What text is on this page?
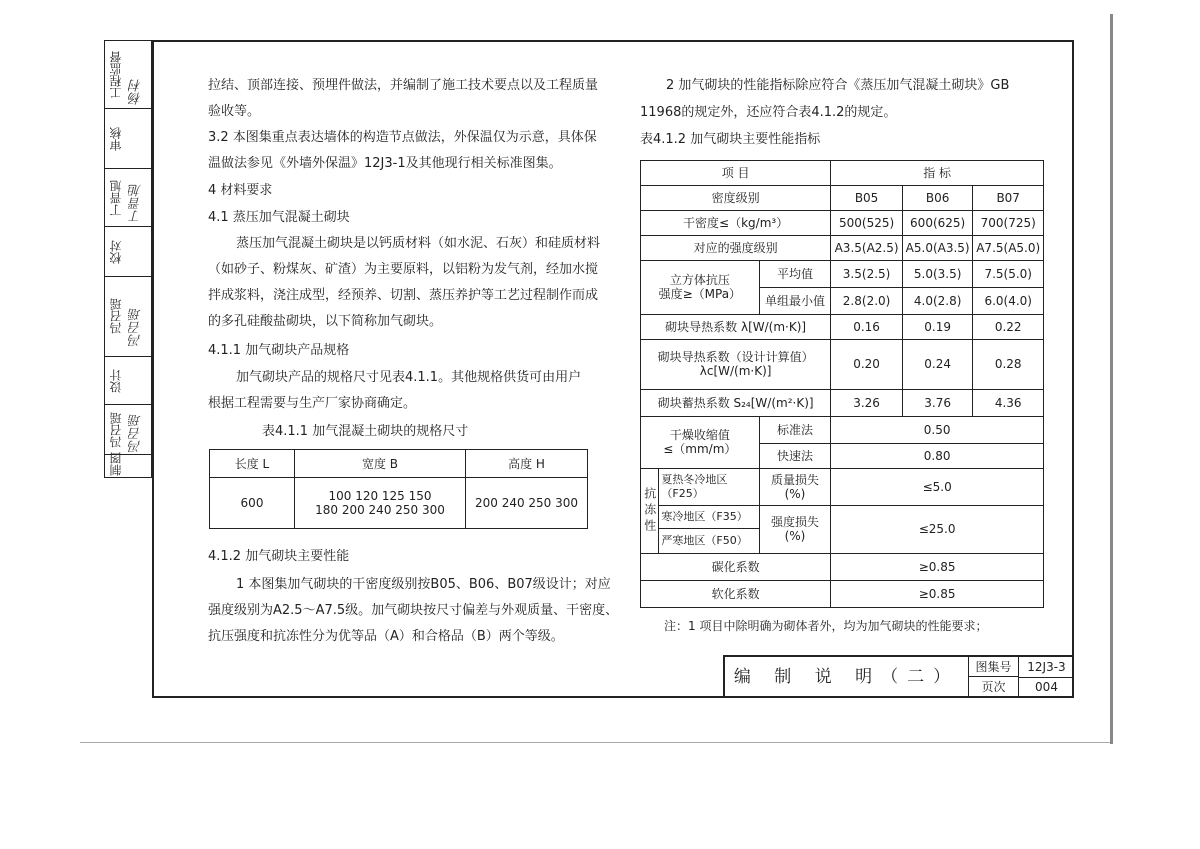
工程监督 杨村
审核
丁晋旭 丁晋旭
校对
冯召瑶 冯召瑶
设计
冯召瑶 冯召瑶
制图
拉结、顶部连接、预埋件做法，并编制了施工技术要点以及工程质量
验收等。
3.2 本图集重点表达墙体的构造节点做法，外保温仅为示意，具体保
温做法参见《外墙外保温》12J3-1及其他现行相关标准图集。
4 材料要求
4.1 蒸压加气混凝土砌块
蒸压加气混凝土砌块是以钙质材料（如水泥、石灰）和硅质材料
（如砂子、粉煤灰、矿渣）为主要原料，以铝粉为发气剂，经加水搅
拌成浆料，浇注成型，经预养、切割、蒸压养护等工艺过程制作而成
的多孔硅酸盐砌块，以下简称加气砌块。
4.1.1 加气砌块产品规格
加气砌块产品的规格尺寸见表4.1.1。其他规格供货可由用户
根据工程需要与生产厂家协商确定。
表4.1.1 加气混凝土砌块的规格尺寸
长度 L	宽度 B	高度 H
600	100 120 125 150
180 200 240 250 300	200 240 250 300
4.1.2 加气砌块主要性能
1 本图集加气砌块的干密度级别按B05、B06、B07级设计；对应
强度级别为A2.5～A7.5级。加气砌块按尺寸偏差与外观质量、干密度、
抗压强度和抗冻性分为优等品（A）和合格品（B）两个等级。
2 加气砌块的性能指标除应符合《蒸压加气混凝土砌块》GB
11968的规定外，还应符合表4.1.2的规定。
表4.1.2 加气砌块主要性能指标
项 目			指 标		
密度级别			B05	B06	B07
干密度≤（kg/m³）			500(525)	600(625)	700(725)
对应的强度级别			A3.5(A2.5)	A5.0(A3.5)	A7.5(A5.0)

立方体抗压
强度≥（MPa）		平均值	3.5(2.5)	5.0(3.5)	7.5(5.0)
		单组最小值	2.8(2.0)	4.0(2.8)	6.0(4.0)
砌块导热系数 λ[W/(m·K)]			0.16	0.19	0.22

砌块导热系数（设计计算值）
λc[W/(m·K)]			0.20	0.24	0.28
砌块蓄热系数 S₂₄[W/(m²·K)]			3.26	3.76	4.36

干燥收缩值
≤（mm/m）		标准法	0.50		
		快速法	0.80		
抗冻性	夏热冬冷地区（F25）	质量损失(%)	≤5.0		
	寒冷地区（F35）	强度损失(%)	≤25.0		
	严寒地区（F50）				
碳化系数			≥0.85		
软化系数			≥0.85		
注：1 项目中除明确为砌体者外，均为加气砌块的性能要求；
编 制 说 明（二）	图集号	12J3-3
页次	004
